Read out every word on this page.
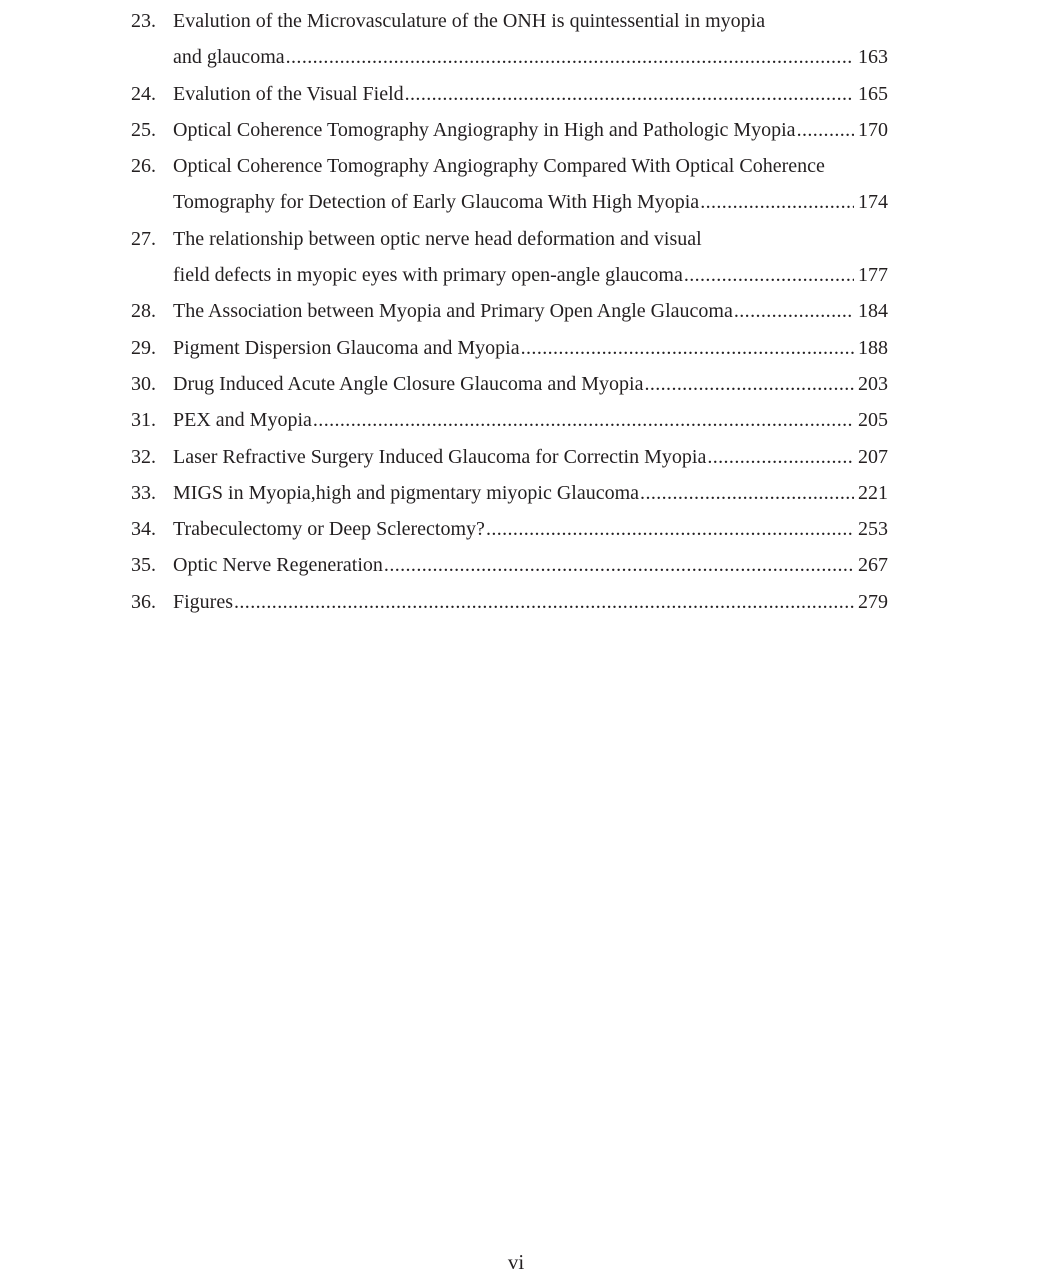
23. Evalution of the Microvasculature of the ONH is quintessential in myopia
and glaucoma .....	163
24. Evalution of the Visual Field .....	165
25. Optical Coherence Tomography Angiography in High and Pathologic Myopia .....	170
26. Optical Coherence Tomography Angiography Compared With Optical Coherence
Tomography for Detection of Early Glaucoma With High Myopia .....	174
27. The relationship between optic nerve head deformation and visual
field defects in myopic eyes with primary open-angle glaucoma .....	177
28. The Association between Myopia and Primary Open Angle Glaucoma .....	184
29. Pigment Dispersion Glaucoma and Myopia .....	188
30. Drug Induced Acute Angle Closure Glaucoma and Myopia .....	203
31. PEX and Myopia .....	205
32. Laser Refractive Surgery Induced Glaucoma for Correctin Myopia .....	207
33. MIGS in Myopia,high and pigmentary miyopic Glaucoma .....	221
34. Trabeculectomy or Deep Sclerectomy? .....	253
35. Optic Nerve Regeneration .....	267
36. Figures .....	279
vi
